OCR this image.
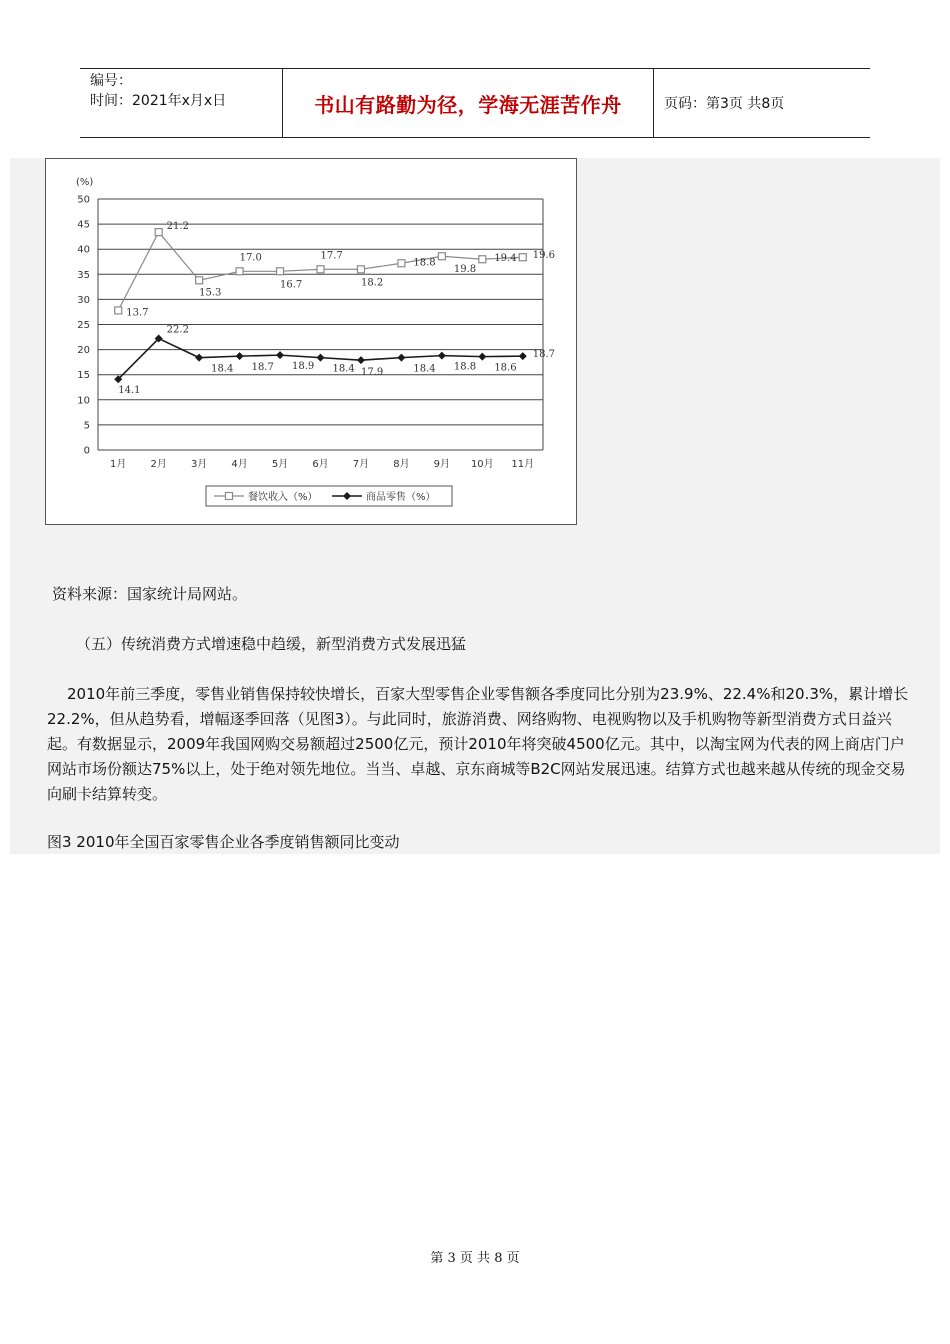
编号：
时间：2021年x月x日	书山有路勤为径，学海无涯苦作舟	页码：第3页 共8页
0
5
10
15
20
25
30
35
40
45
50
(%)
1月 2月 3月 4月 5月 6月 7月 8月 9月 10月 11月
13.7
21.2
15.3
17.0
16.7
17.7
18.2
18.8
19.8
19.4 19.6
14.1
22.2
18.4 18.7 18.9 18.4 17.9	18.4 18.8 18.6
18.7
餐饮收入（%）	商品零售（%）
资料来源：国家统计局网站。
（五）传统消费方式增速稳中趋缓，新型消费方式发展迅猛
2010年前三季度，零售业销售保持较快增长，百家大型零售企业零售额各季度同比分别为23.9%、22.4%和20.3%，累计增长22.2%，但从趋势看，增幅逐季回落（见图3）。与此同时，旅游消费、网络购物、电视购物以及手机购物等新型消费方式日益兴起。有数据显示，2009年我国网购交易额超过2500亿元，预计2010年将突破4500亿元。其中，以淘宝网为代表的网上商店门户网站市场份额达75%以上，处于绝对领先地位。当当、卓越、京东商城等B2C网站发展迅速。结算方式也越来越从传统的现金交易向刷卡结算转变。
图3 2010年全国百家零售企业各季度销售额同比变动
第 3 页 共 8 页
